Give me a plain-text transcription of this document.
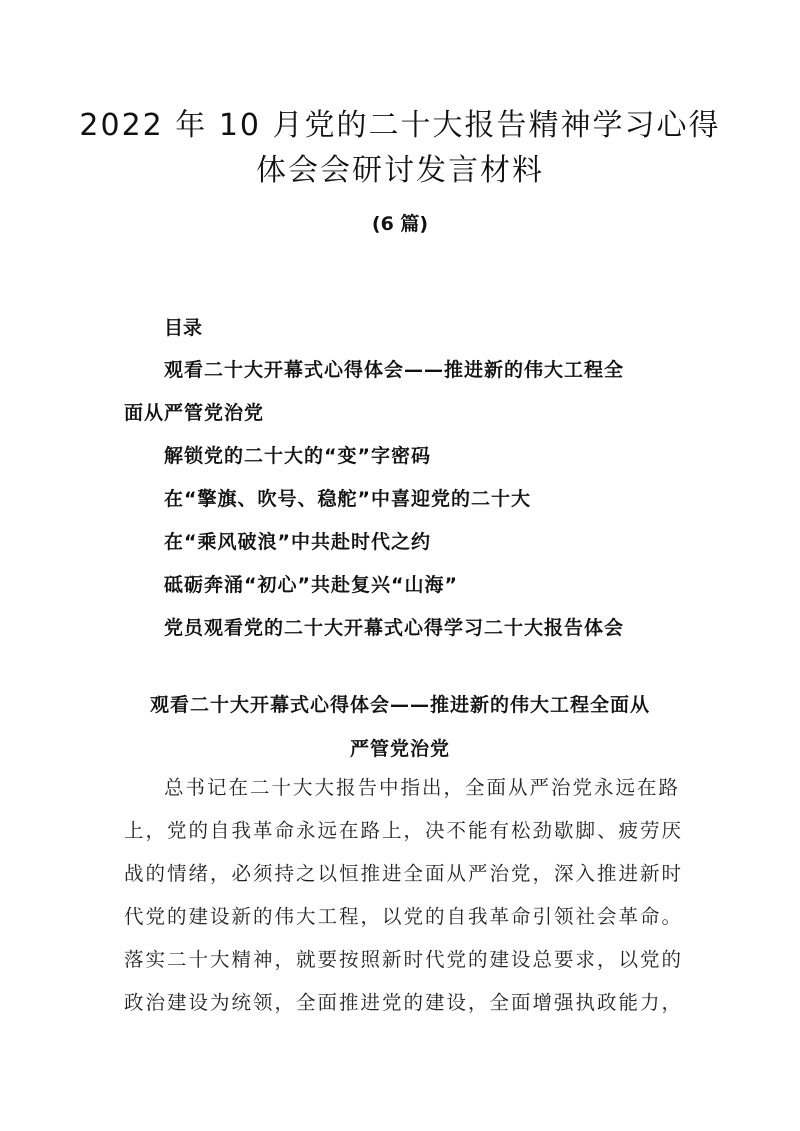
2022 年 10 月党的二十大报告精神学习心得
体会会研讨发言材料
(6 篇)
目录
观看二十大开幕式心得体会——推进新的伟大工程全
面从严管党治党
解锁党的二十大的“变”字密码
在“擎旗、吹号、稳舵”中喜迎党的二十大
在“乘风破浪”中共赴时代之约
砥砺奔涌“初心”共赴复兴“山海”
党员观看党的二十大开幕式心得学习二十大报告体会
观看二十大开幕式心得体会——推进新的伟大工程全面从
严管党治党
总书记在二十大大报告中指出，全面从严治党永远在路
上，党的自我革命永远在路上，决不能有松劲歇脚、疲劳厌
战的情绪，必须持之以恒推进全面从严治党，深入推进新时
代党的建设新的伟大工程，以党的自我革命引领社会革命。
落实二十大精神，就要按照新时代党的建设总要求，以党的
政治建设为统领，全面推进党的建设，全面增强执政能力，
